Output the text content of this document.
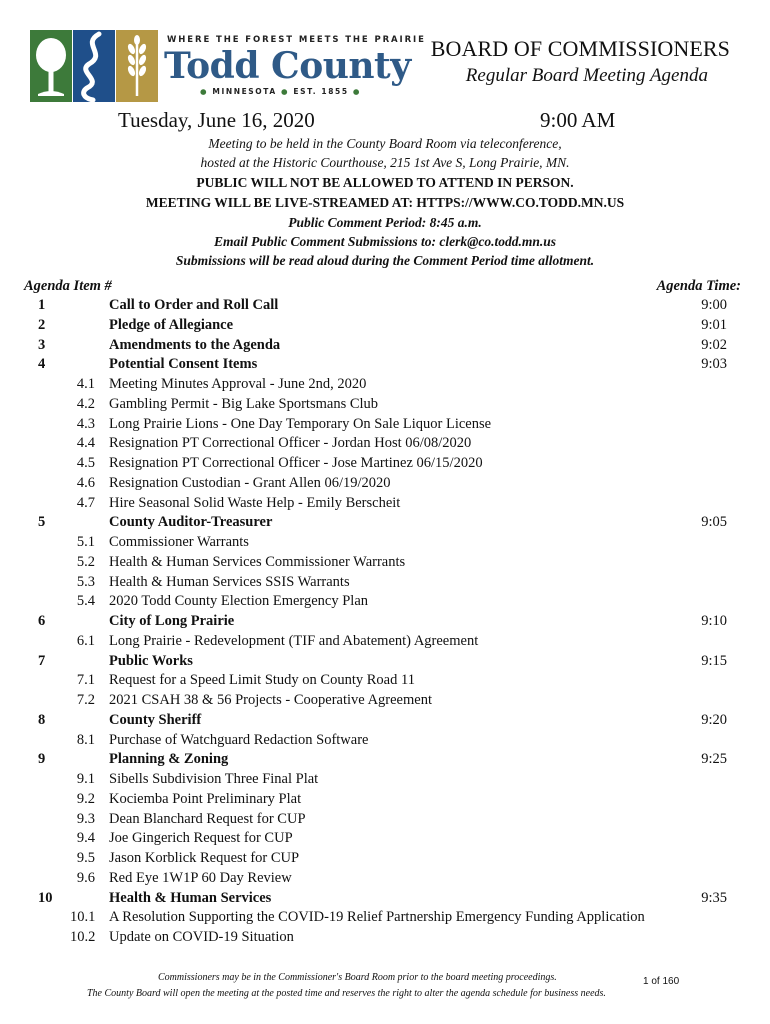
WHERE THE FOREST MEETS THE PRAIRIE
Todd County
● MINNESOTA ● EST. 1855 ●
BOARD OF COMMISSIONERS
Regular Board Meeting Agenda
Tuesday, June 16, 2020	9:00 AM
Meeting to be held in the County Board Room via teleconference,
hosted at the Historic Courthouse, 215 1st Ave S, Long Prairie, MN.
PUBLIC WILL NOT BE ALLOWED TO ATTEND IN PERSON.
MEETING WILL BE LIVE-STREAMED AT: HTTPS://WWW.CO.TODD.MN.US
Public Comment Period: 8:45 a.m.
Email Public Comment Submissions to: clerk@co.todd.mn.us
Submissions will be read aloud during the Comment Period time allotment.
Agenda Item #	Agenda Time:
1	Call to Order and Roll Call	9:00
2	Pledge of Allegiance	9:01
3	Amendments to the Agenda	9:02
4	Potential Consent Items	9:03
4.1 Meeting Minutes Approval - June 2nd, 2020
4.2 Gambling Permit - Big Lake Sportsmans Club
4.3 Long Prairie Lions - One Day Temporary On Sale Liquor License
4.4 Resignation PT Correctional Officer - Jordan Host 06/08/2020
4.5 Resignation PT Correctional Officer - Jose Martinez 06/15/2020
4.6 Resignation Custodian - Grant Allen 06/19/2020
4.7 Hire Seasonal Solid Waste Help - Emily Berscheit
5	County Auditor-Treasurer	9:05
5.1 Commissioner Warrants
5.2 Health & Human Services Commissioner Warrants
5.3 Health & Human Services SSIS Warrants
5.4 2020 Todd County Election Emergency Plan
6	City of Long Prairie	9:10
6.1 Long Prairie - Redevelopment (TIF and Abatement) Agreement
7	Public Works	9:15
7.1 Request for a Speed Limit Study on County Road 11
7.2 2021 CSAH 38 & 56 Projects - Cooperative Agreement
8	County Sheriff	9:20
8.1 Purchase of Watchguard Redaction Software
9	Planning & Zoning	9:25
9.1 Sibells Subdivision Three Final Plat
9.2 Kociemba Point Preliminary Plat
9.3 Dean Blanchard Request for CUP
9.4 Joe Gingerich Request for CUP
9.5 Jason Korblick Request for CUP
9.6 Red Eye 1W1P 60 Day Review
10	Health & Human Services	9:35
10.1 A Resolution Supporting the COVID-19 Relief Partnership Emergency Funding Application
10.2 Update on COVID-19 Situation
Commissioners may be in the Commissioner's Board Room prior to the board meeting proceedings.	1 of 160
The County Board will open the meeting at the posted time and reserves the right to alter the agenda schedule for business needs.
